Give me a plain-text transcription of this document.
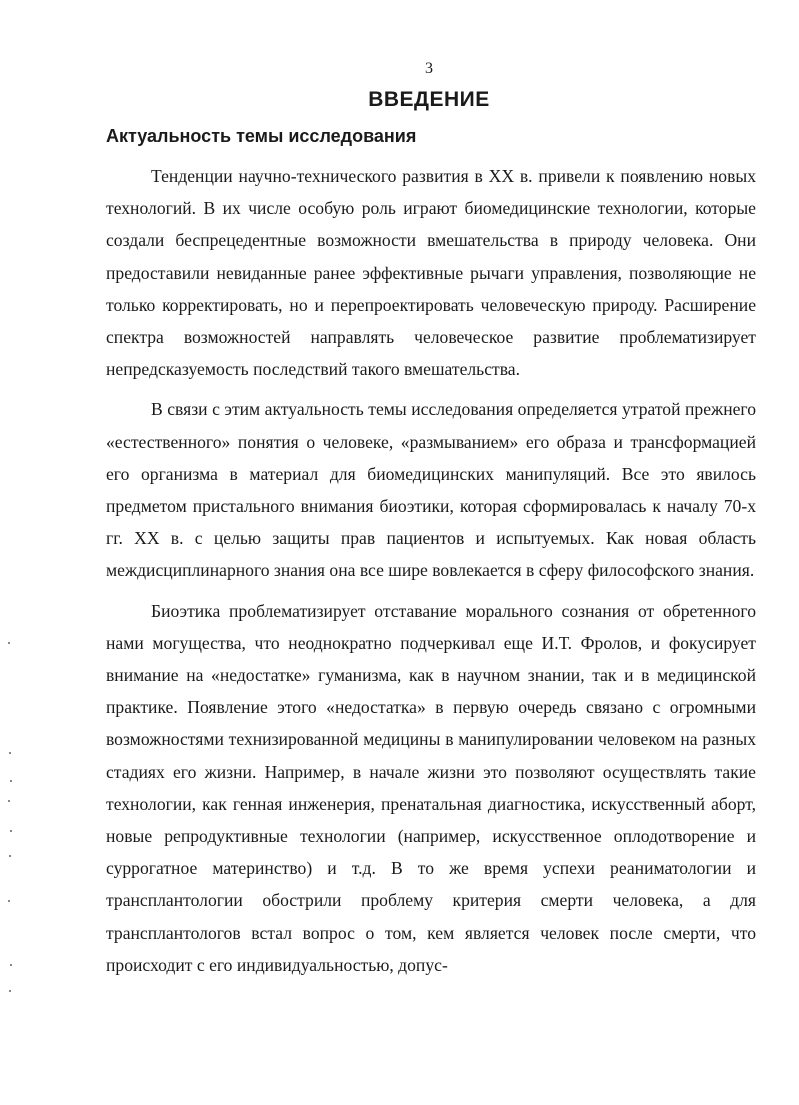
3
ВВЕДЕНИЕ
Актуальность темы исследования

Тенденции научно-технического развития в XX в. привели к появлению новых технологий. В их числе особую роль играют биомедицинские технологии, которые создали беспрецедентные возможности вмешательства в природу человека. Они предоставили невиданные ранее эффективные рычаги управления, позволяющие не только корректировать, но и перепроектировать человеческую природу. Расширение спектра возможностей направлять человеческое развитие проблематизирует непредсказуемость последствий такого вмешательства.

В связи с этим актуальность темы исследования определяется утратой прежнего «естественного» понятия о человеке, «размыванием» его образа и трансформацией его организма в материал для биомедицинских манипуляций. Все это явилось предметом пристального внимания биоэтики, которая сформировалась к началу 70-х гг. XX в. с целью защиты прав пациентов и испытуемых. Как новая область междисциплинарного знания она все шире вовлекается в сферу философского знания.

Биоэтика проблематизирует отставание морального сознания от обретенного нами могущества, что неоднократно подчеркивал еще И.Т. Фролов, и фокусирует внимание на «недостатке» гуманизма, как в научном знании, так и в медицинской практике. Появление этого «недостатка» в первую очередь связано с огромными возможностями технизированной медицины в манипулировании человеком на разных стадиях его жизни. Например, в начале жизни это позволяют осуществлять такие технологии, как генная инженерия, пренатальная диагностика, искусственный аборт, новые репродуктивные технологии (например, искусственное оплодотворение и суррогатное материнство) и т.д. В то же время успехи реаниматологии и трансплантологии обострили проблему критерия смерти человека, а для трансплантологов встал вопрос о том, кем является человек после смерти, что происходит с его индивидуальностью, допус-
